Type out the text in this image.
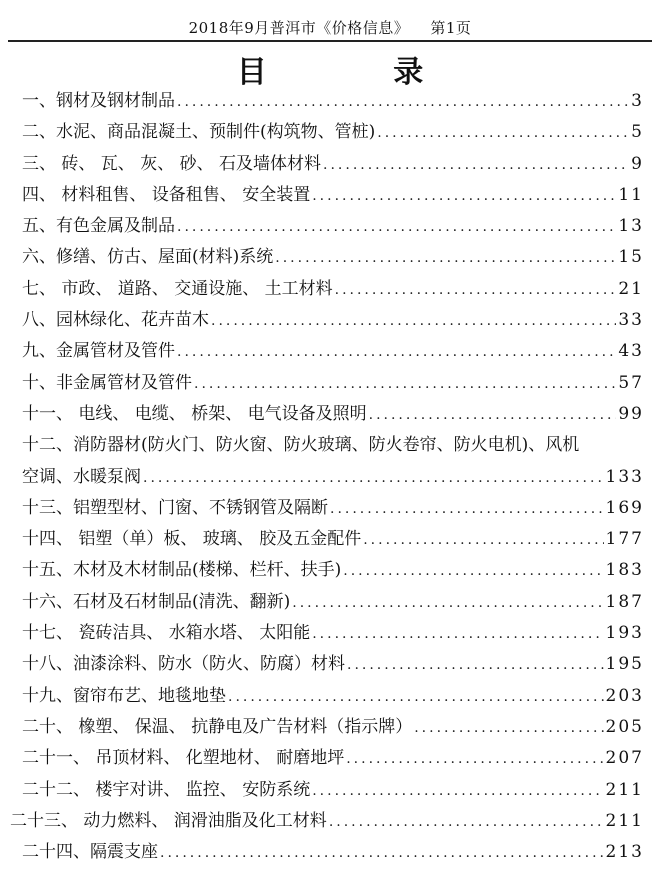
2018年9月普洱市《价格信息》    第1页
目 录
一、钢材及钢材制品 .....	3
二、水泥、商品混凝土、预制件(构筑物、管桩) .....	5
三、 砖、 瓦、 灰、 砂、 石及墙体材料 .....	9
四、 材料租售、 设备租售、 安全装置 .....	11
五、有色金属及制品 .....	13
六、修缮、仿古、屋面(材料)系统 .....	15
七、 市政、 道路、 交通设施、 土工材料 .....	21
八、园林绿化、花卉苗木 .....	33
九、金属管材及管件 .....	43
十、非金属管材及管件 .....	57
十一、 电线、 电缆、 桥架、 电气设备及照明 .....	99
十二、消防器材(防火门、防火窗、防火玻璃、防火卷帘、防火电机)、风机
空调、水暖泵阀 .....	133
十三、铝塑型材、门窗、不锈钢管及隔断 .....	169
十四、 铝塑（单）板、 玻璃、 胶及五金配件 .....	177
十五、木材及木材制品(楼梯、栏杆、扶手) .....	183
十六、石材及石材制品(清洗、翻新) .....	187
十七、 瓷砖洁具、 水箱水塔、 太阳能 .....	193
十八、油漆涂料、防水（防火、防腐）材料 .....	195
十九、窗帘布艺、地毯地垫 .....	203
二十、 橡塑、 保温、 抗静电及广告材料（指示牌） .....	205
二十一、 吊顶材料、 化塑地材、 耐磨地坪 .....	207
二十二、 楼宇对讲、 监控、 安防系统 .....	211
二十三、 动力燃料、 润滑油脂及化工材料 .....	211
二十四、隔震支座 .....	213
